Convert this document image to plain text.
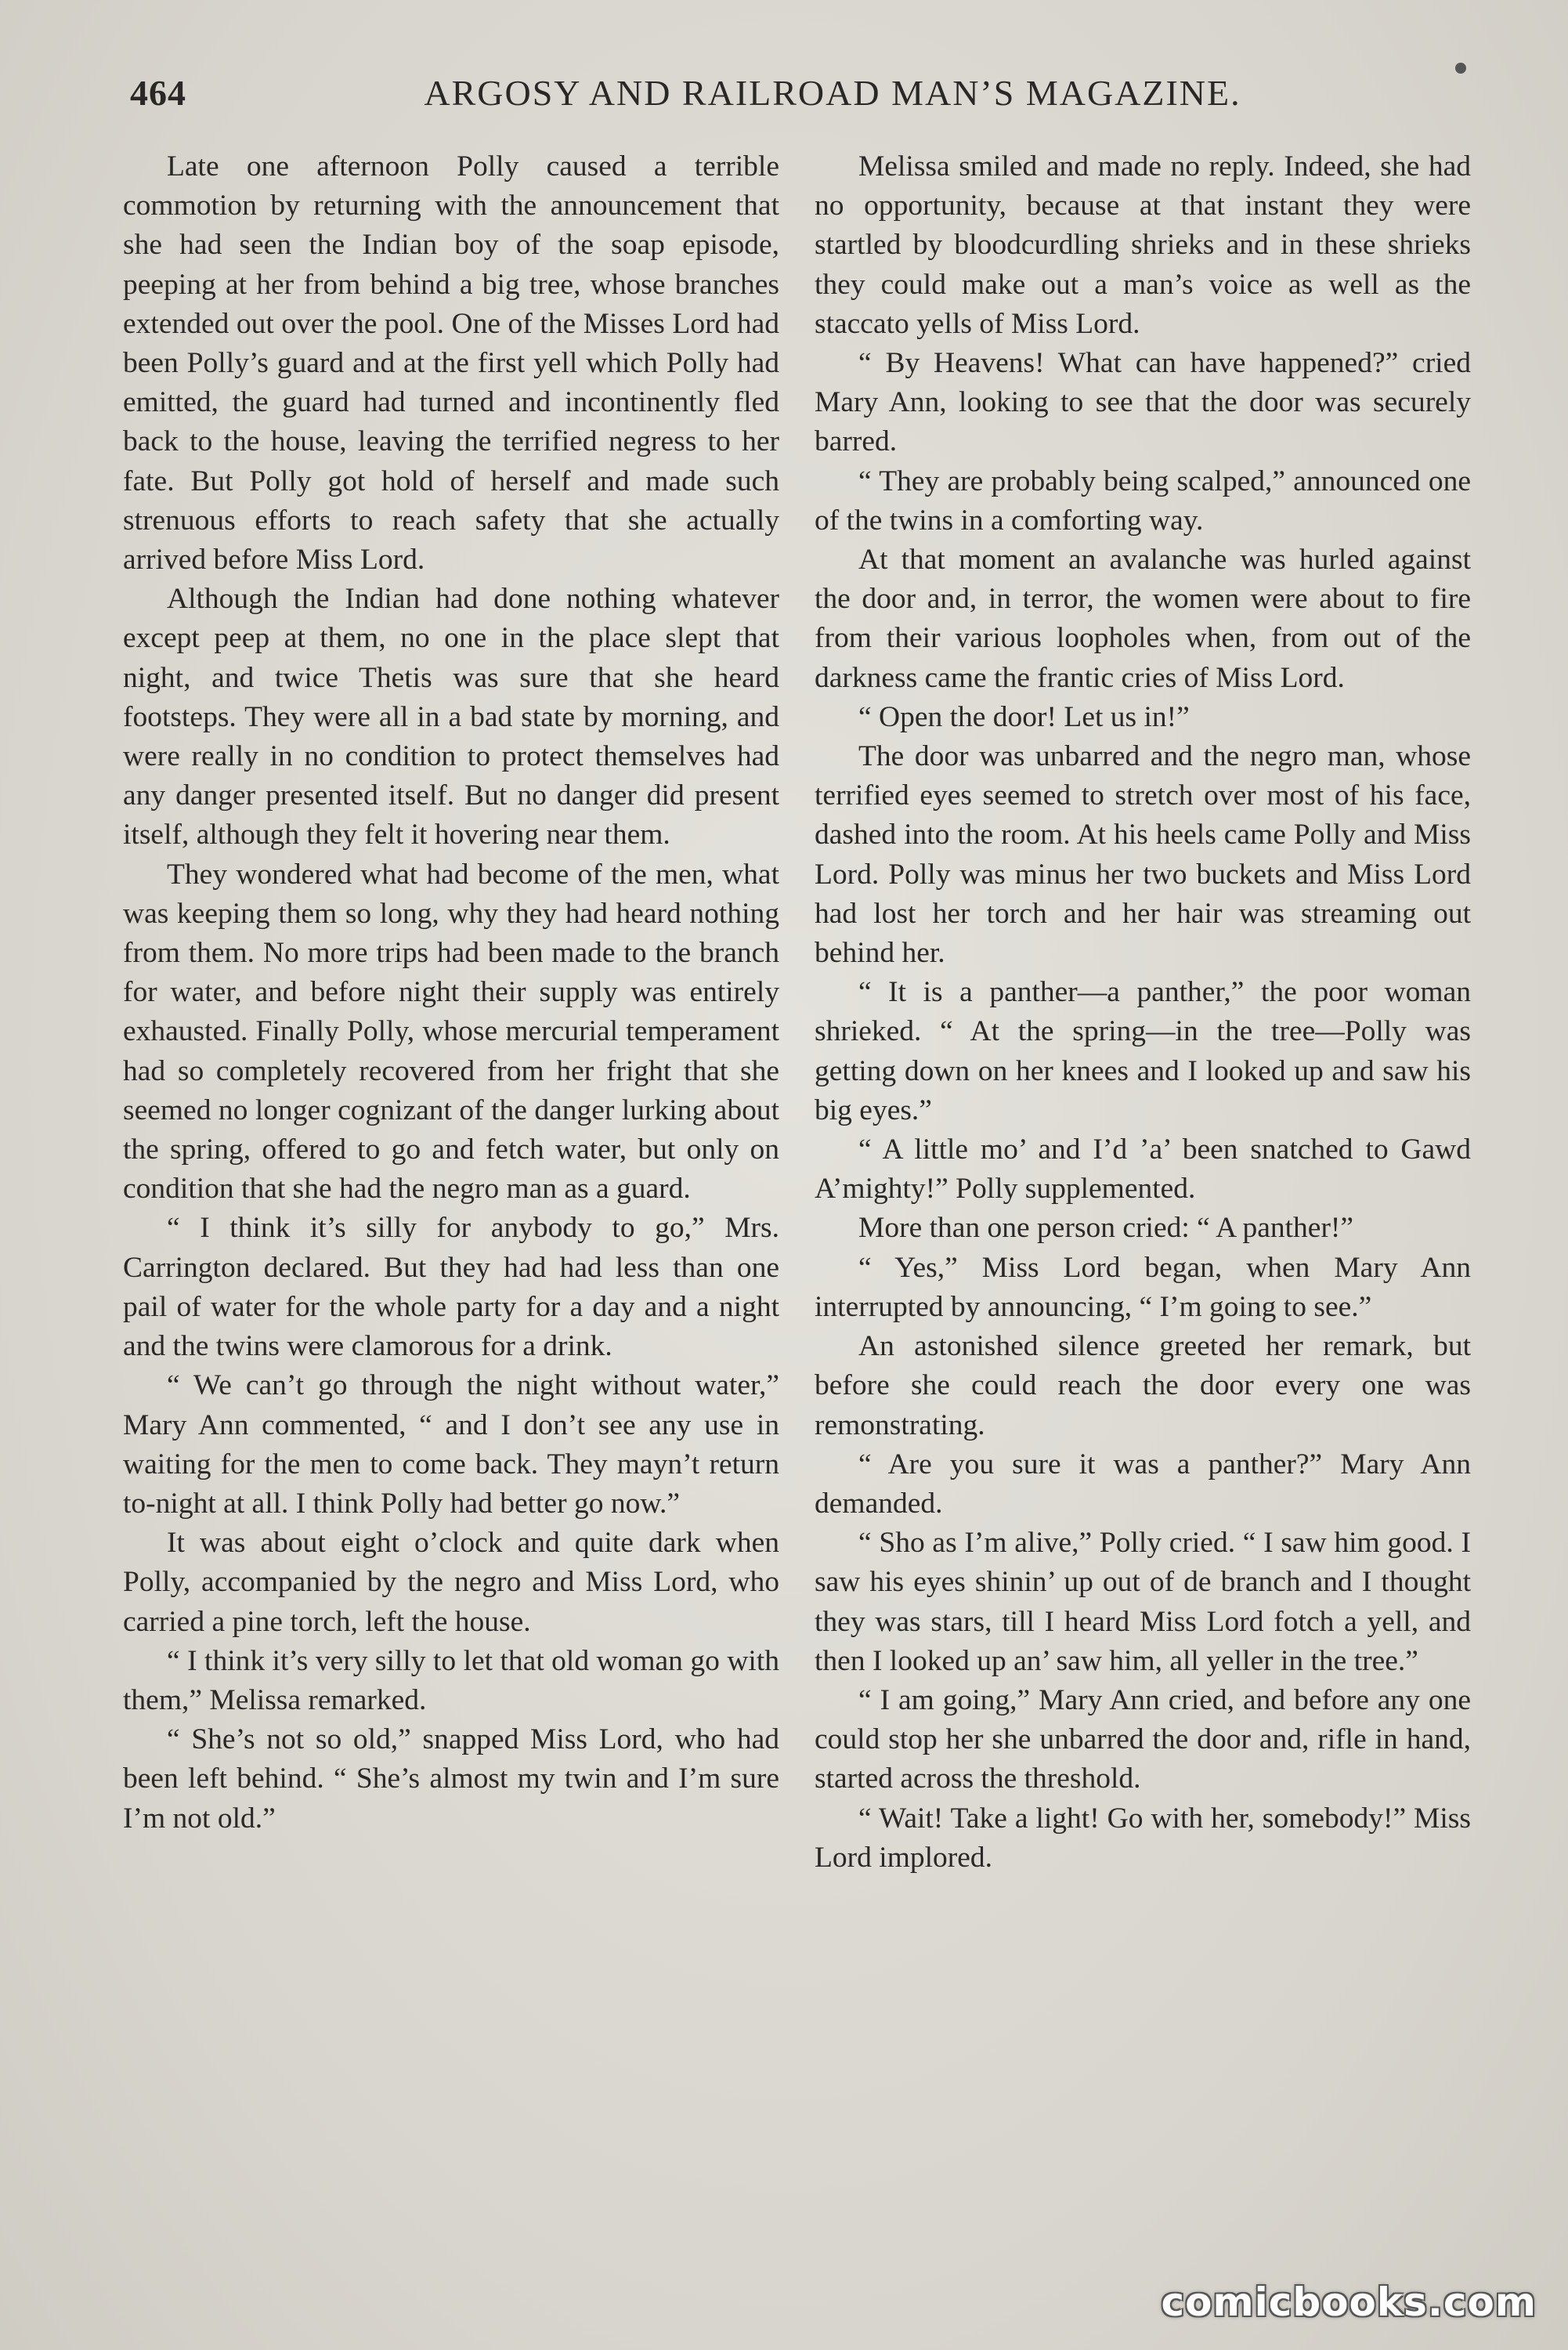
464	ARGOSY AND RAILROAD MAN’S MAGAZINE.

Late one afternoon Polly caused a terrible commotion by returning with the announcement that she had seen the Indian boy of the soap episode, peeping at her from behind a big tree, whose branches extended out over the pool. One of the Misses Lord had been Polly’s guard and at the first yell which Polly had emitted, the guard had turned and incontinently fled back to the house, leaving the terrified negress to her fate. But Polly got hold of herself and made such strenuous efforts to reach safety that she actually arrived before Miss Lord.

Although the Indian had done nothing whatever except peep at them, no one in the place slept that night, and twice Thetis was sure that she heard footsteps. They were all in a bad state by morning, and were really in no condition to protect themselves had any danger presented itself. But no danger did present itself, although they felt it hovering near them.

They wondered what had become of the men, what was keeping them so long, why they had heard nothing from them. No more trips had been made to the branch for water, and before night their supply was entirely exhausted. Finally Polly, whose mercurial temperament had so completely recovered from her fright that she seemed no longer cognizant of the danger lurking about the spring, offered to go and fetch water, but only on condition that she had the negro man as a guard.

“ I think it’s silly for anybody to go,” Mrs. Carrington declared. But they had had less than one pail of water for the whole party for a day and a night and the twins were clamorous for a drink.

“ We can’t go through the night without water,” Mary Ann commented, “ and I don’t see any use in waiting for the men to come back. They mayn’t return to-night at all. I think Polly had better go now.”

It was about eight o’clock and quite dark when Polly, accompanied by the negro and Miss Lord, who carried a pine torch, left the house.

“ I think it’s very silly to let that old woman go with them,” Melissa remarked.

“ She’s not so old,” snapped Miss Lord, who had been left behind. “ She’s almost my twin and I’m sure I’m not old.”

Melissa smiled and made no reply. Indeed, she had no opportunity, because at that instant they were startled by bloodcurdling shrieks and in these shrieks they could make out a man’s voice as well as the staccato yells of Miss Lord.

“ By Heavens! What can have happened?” cried Mary Ann, looking to see that the door was securely barred.

“ They are probably being scalped,” announced one of the twins in a comforting way.

At that moment an avalanche was hurled against the door and, in terror, the women were about to fire from their various loopholes when, from out of the darkness came the frantic cries of Miss Lord.

“ Open the door! Let us in!”

The door was unbarred and the negro man, whose terrified eyes seemed to stretch over most of his face, dashed into the room. At his heels came Polly and Miss Lord. Polly was minus her two buckets and Miss Lord had lost her torch and her hair was streaming out behind her.

“ It is a panther—a panther,” the poor woman shrieked. “ At the spring—in the tree—Polly was getting down on her knees and I looked up and saw his big eyes.”

“ A little mo’ and I’d ’a’ been snatched to Gawd A’mighty!” Polly supplemented.

More than one person cried: “ A panther!”

“ Yes,” Miss Lord began, when Mary Ann interrupted by announcing, “ I’m going to see.”

An astonished silence greeted her remark, but before she could reach the door every one was remonstrating.

“ Are you sure it was a panther?” Mary Ann demanded.

“ Sho as I’m alive,” Polly cried. “ I saw him good. I saw his eyes shinin’ up out of de branch and I thought they was stars, till I heard Miss Lord fotch a yell, and then I looked up an’ saw him, all yeller in the tree.”

“ I am going,” Mary Ann cried, and before any one could stop her she unbarred the door and, rifle in hand, started across the threshold.

“ Wait! Take a light! Go with her, somebody!” Miss Lord implored.

comicbooks.com
